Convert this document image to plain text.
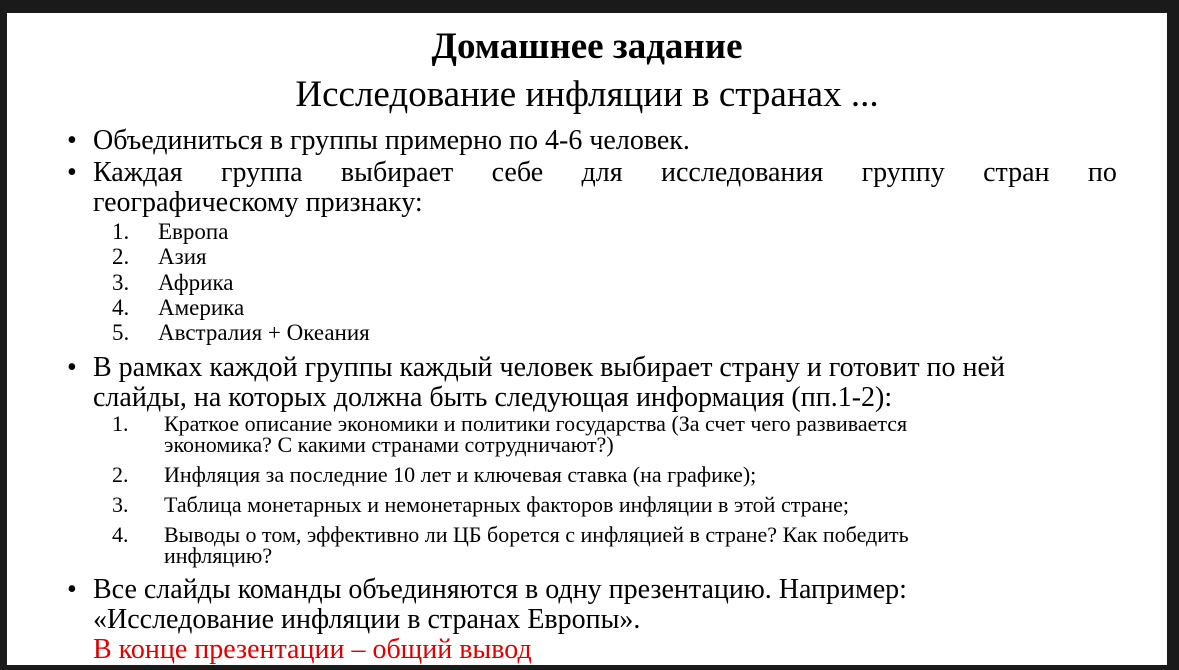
Домашнее задание
Исследование инфляции в странах ...
• Объединиться в группы примерно по 4-6 человек.
• Каждая группа выбирает себе для исследования группу стран по
географическому признаку:
1. Европа
2. Азия
3. Африка
4. Америка
5. Австралия + Океания
• В рамках каждой группы каждый человек выбирает страну и готовит по ней
слайды, на которых должна быть следующая информация (пп.1-2):
1. Краткое описание экономики и политики государства (За счет чего развивается
экономика? С какими странами сотрудничают?)
2. Инфляция за последние 10 лет и ключевая ставка (на графике);
3. Таблица монетарных и немонетарных факторов инфляции в этой стране;
4. Выводы о том, эффективно ли ЦБ борется с инфляцией в стране? Как победить
инфляцию?
• Все слайды команды объединяются в одну презентацию. Например:
«Исследование инфляции в странах Европы».
В конце презентации – общий вывод
